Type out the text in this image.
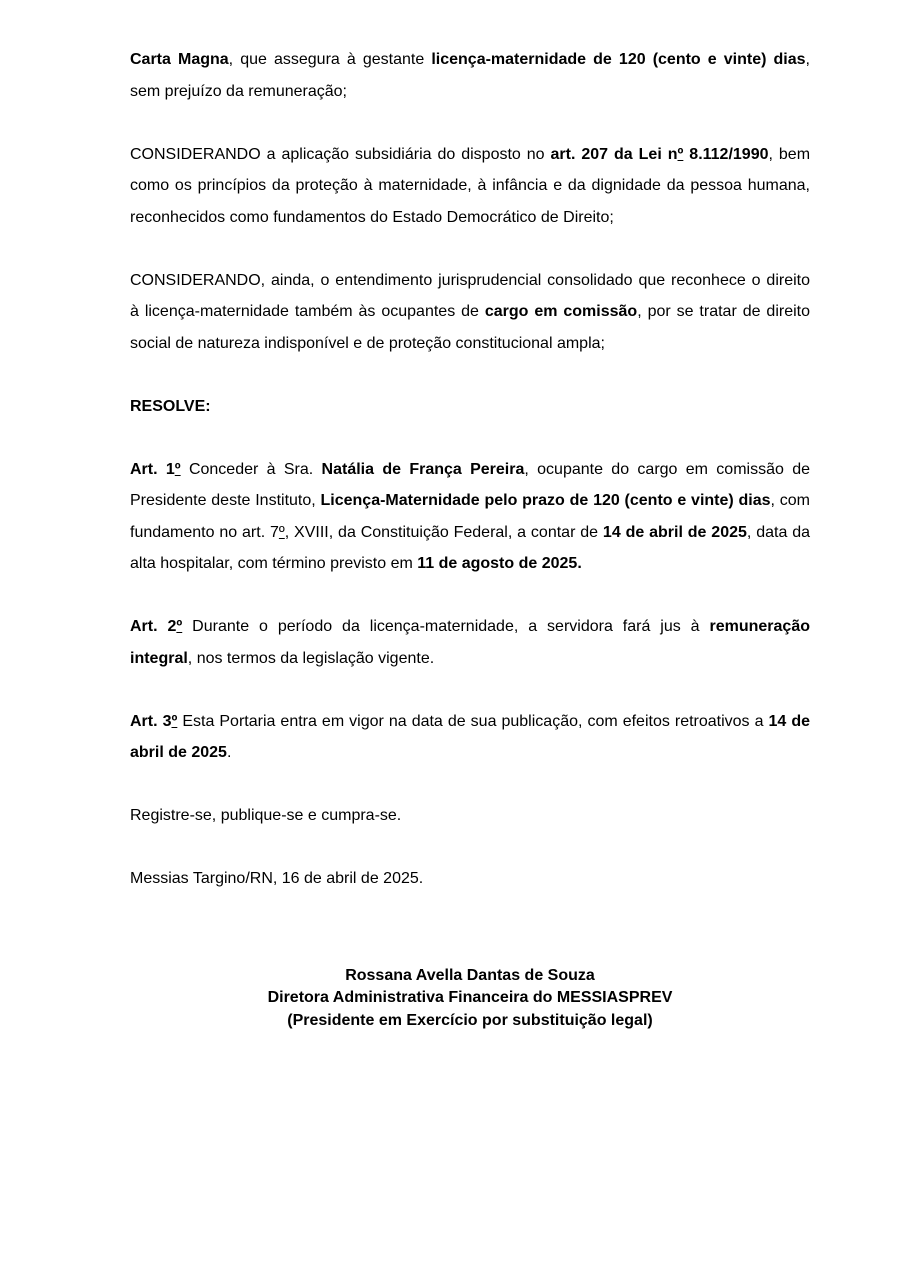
Carta Magna, que assegura à gestante licença-maternidade de 120 (cento e vinte) dias, sem prejuízo da remuneração;

CONSIDERANDO a aplicação subsidiária do disposto no art. 207 da Lei nº 8.112/1990, bem como os princípios da proteção à maternidade, à infância e da dignidade da pessoa humana, reconhecidos como fundamentos do Estado Democrático de Direito;

CONSIDERANDO, ainda, o entendimento jurisprudencial consolidado que reconhece o direito à licença-maternidade também às ocupantes de cargo em comissão, por se tratar de direito social de natureza indisponível e de proteção constitucional ampla;

RESOLVE:

Art. 1º Conceder à Sra. Natália de França Pereira, ocupante do cargo em comissão de Presidente deste Instituto, Licença-Maternidade pelo prazo de 120 (cento e vinte) dias, com fundamento no art. 7º, XVIII, da Constituição Federal, a contar de 14 de abril de 2025, data da alta hospitalar, com término previsto em 11 de agosto de 2025.

Art. 2º Durante o período da licença-maternidade, a servidora fará jus à remuneração integral, nos termos da legislação vigente.

Art. 3º Esta Portaria entra em vigor na data de sua publicação, com efeitos retroativos a 14 de abril de 2025.

Registre-se, publique-se e cumpra-se.

Messias Targino/RN, 16 de abril de 2025.

Rossana Avella Dantas de Souza
Diretora Administrativa Financeira do MESSIASPREV
(Presidente em Exercício por substituição legal)
